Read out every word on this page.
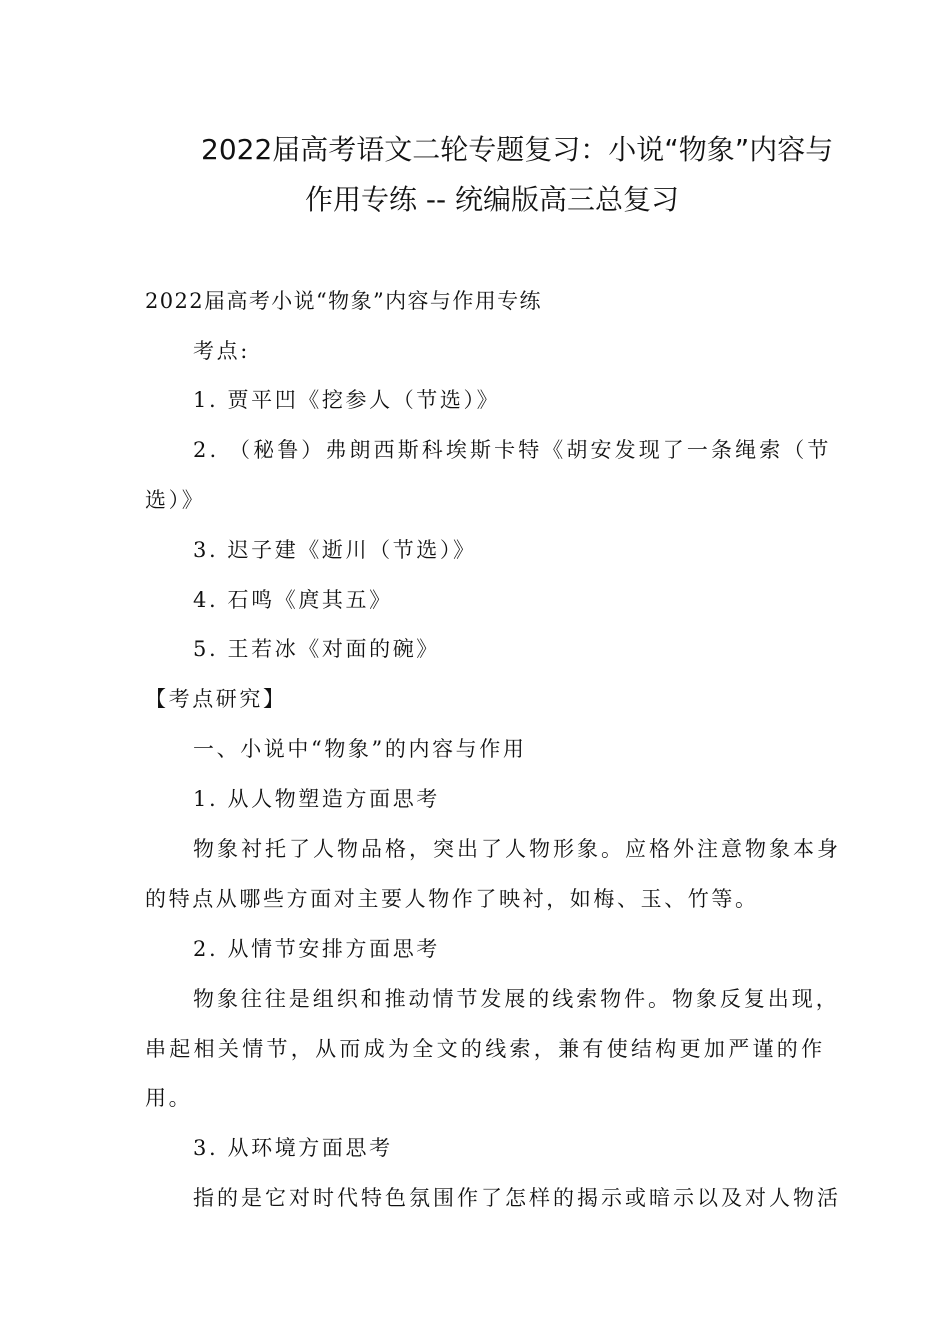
2022届高考语文二轮专题复习：小说“物象”内容与
作用专练 -- 统编版高三总复习
2022届高考小说“物象”内容与作用专练
考点:
1. 贾平凹《挖参人（节选）》
2. （秘鲁）弗朗西斯科埃斯卡特《胡安发现了一条绳索（节
选）》
3. 迟子建《逝川（节选）》
4. 石鸣《庹其五》
5. 王若冰《对面的碗》
【考点研究】
一、小说中“物象”的内容与作用
1. 从人物塑造方面思考
物象衬托了人物品格，突出了人物形象。应格外注意物象本身
的特点从哪些方面对主要人物作了映衬，如梅、玉、竹等。
2. 从情节安排方面思考
物象往往是组织和推动情节发展的线索物件。物象反复出现，
串起相关情节，从而成为全文的线索，兼有使结构更加严谨的作
用。
3. 从环境方面思考
指的是它对时代特色氛围作了怎样的揭示或暗示以及对人物活
